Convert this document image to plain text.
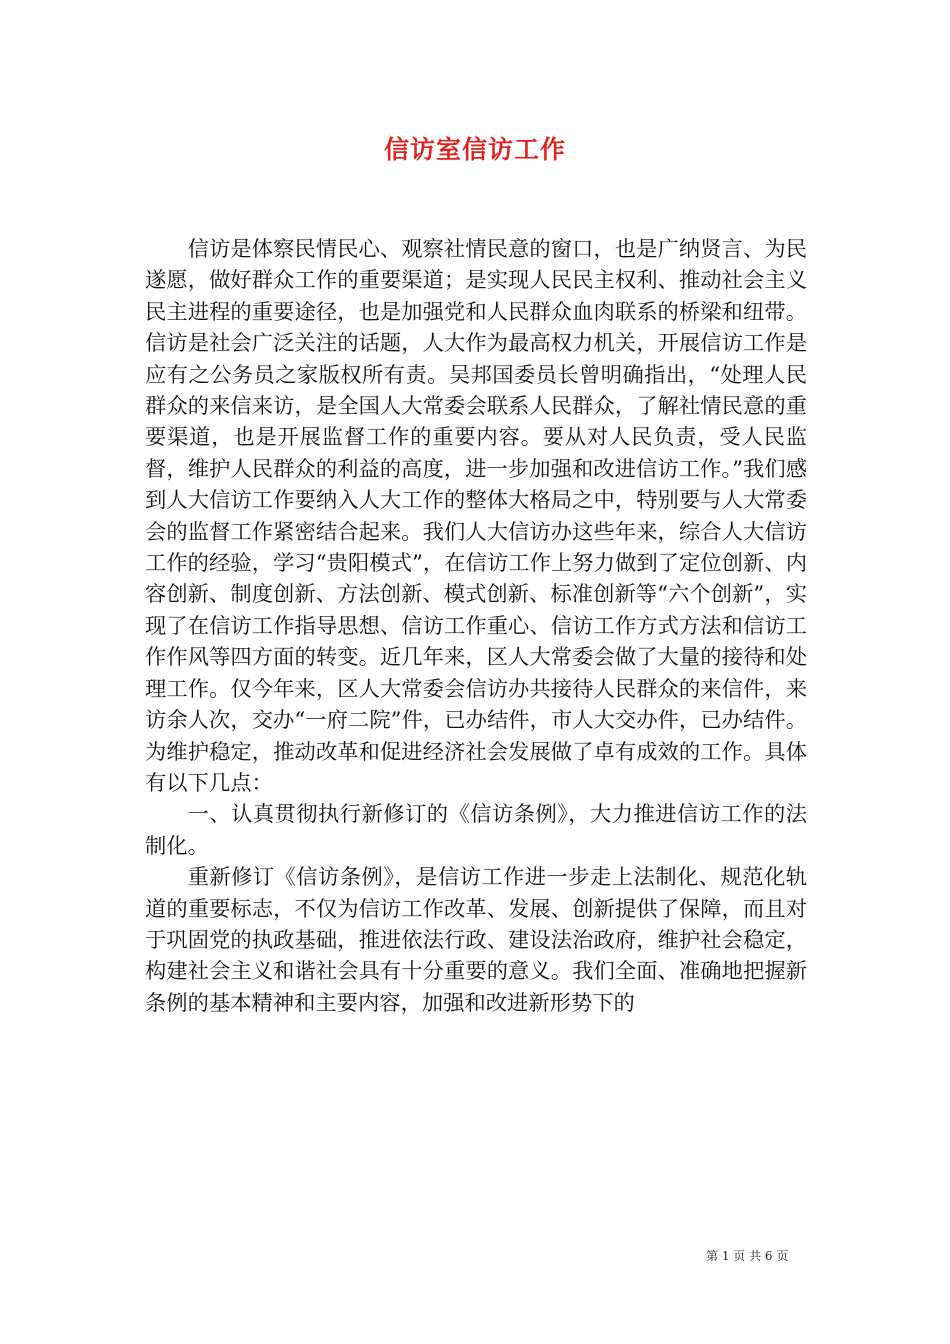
信访室信访工作

信访是体察民情民心、观察社情民意的窗口，也是广纳贤言、为民遂愿，做好群众工作的重要渠道；是实现人民民主权利、推动社会主义民主进程的重要途径，也是加强党和人民群众血肉联系的桥梁和纽带。信访是社会广泛关注的话题，人大作为最高权力机关，开展信访工作是应有之公务员之家版权所有责。吴邦国委员长曾明确指出，“处理人民群众的来信来访，是全国人大常委会联系人民群众，了解社情民意的重要渠道，也是开展监督工作的重要内容。要从对人民负责，受人民监督，维护人民群众的利益的高度，进一步加强和改进信访工作。”我们感到人大信访工作要纳入人大工作的整体大格局之中，特别要与人大常委会的监督工作紧密结合起来。我们人大信访办这些年来，综合人大信访工作的经验，学习“贵阳模式”，在信访工作上努力做到了定位创新、内容创新、制度创新、方法创新、模式创新、标准创新等“六个创新”，实现了在信访工作指导思想、信访工作重心、信访工作方式方法和信访工作作风等四方面的转变。近几年来，区人大常委会做了大量的接待和处理工作。仅今年来，区人大常委会信访办共接待人民群众的来信件，来访余人次，交办“一府二院”件，已办结件，市人大交办件，已办结件。为维护稳定，推动改革和促进经济社会发展做了卓有成效的工作。具体有以下几点：

一、认真贯彻执行新修订的《信访条例》，大力推进信访工作的法制化。

重新修订《信访条例》，是信访工作进一步走上法制化、规范化轨道的重要标志，不仅为信访工作改革、发展、创新提供了保障，而且对于巩固党的执政基础，推进依法行政、建设法治政府，维护社会稳定，构建社会主义和谐社会具有十分重要的意义。我们全面、准确地把握新条例的基本精神和主要内容，加强和改进新形势下的

第 1 页 共 6 页
